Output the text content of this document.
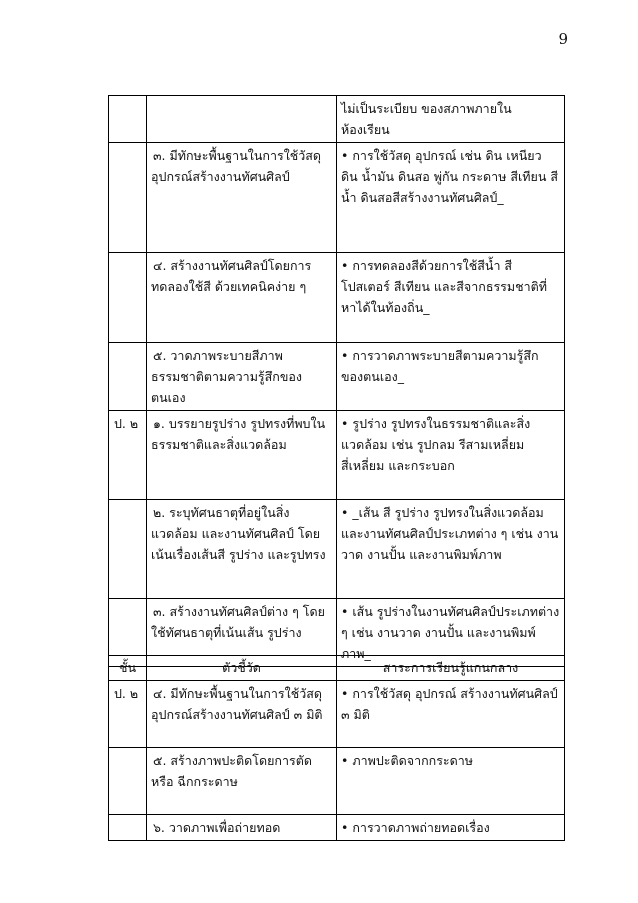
9
		ไม่เป็นระเบียบ ของสภาพภายในห้องเรียน
	๓. มีทักษะพื้นฐานในการใช้วัสดุ อุปกรณ์สร้างงานทัศนศิลป์	• การใช้วัสดุ อุปกรณ์ เช่น ดิน เหนียว ดิน น้ำมัน ดินสอ พู่กัน กระดาษ สีเทียน สีน้ำ ดินสอสีสร้างงานทัศนศิลป์_
	๔. สร้างงานทัศนศิลป์โดยการทดลองใช้สี ด้วยเทคนิคง่าย ๆ	• การทดลองสีด้วยการใช้สีน้ำ สีโปสเตอร์ สีเทียน และสีจากธรรมชาติที่หาได้ในท้องถิ่น_
	๕. วาดภาพระบายสีภาพธรรมชาติตามความรู้สึกของตนเอง	• การวาดภาพระบายสีตามความรู้สึก ของตนเอง_
ป. ๒	๑. บรรยายรูปร่าง รูปทรงที่พบในธรรมชาติและสิ่งแวดล้อม	• รูปร่าง รูปทรงในธรรมชาติและสิ่งแวดล้อม เช่น รูปกลม รีสามเหลี่ยม สี่เหลี่ยม และกระบอก
	๒. ระบุทัศนธาตุที่อยู่ในสิ่งแวดล้อม และงานทัศนศิลป์ โดยเน้นเรื่องเส้นสี รูปร่าง และรูปทรง	• _เส้น สี รูปร่าง รูปทรงในสิ่งแวดล้อม และงานทัศนศิลป์ประเภทต่าง ๆ เช่น งานวาด งานปั้น และงานพิมพ์ภาพ
	๓. สร้างงานทัศนศิลป์ต่าง ๆ โดยใช้ทัศนธาตุที่เน้นเส้น รูปร่าง	• เส้น รูปร่างในงานทัศนศิลป์ประเภทต่าง ๆ เช่น งานวาด งานปั้น และงานพิมพ์ภาพ_
ชั้น	ตัวชี้วัด	สาระการเรียนรู้แกนกลาง
ป. ๒	๔. มีทักษะพื้นฐานในการใช้วัสดุ อุปกรณ์สร้างงานทัศนศิลป์ ๓ มิติ	• การใช้วัสดุ อุปกรณ์ สร้างงานทัศนศิลป์ ๓ มิติ
	๕. สร้างภาพปะติดโดยการตัดหรือ ฉีกกระดาษ	• ภาพปะติดจากกระดาษ
	๖. วาดภาพเพื่อถ่ายทอด	• การวาดภาพถ่ายทอดเรื่อง
